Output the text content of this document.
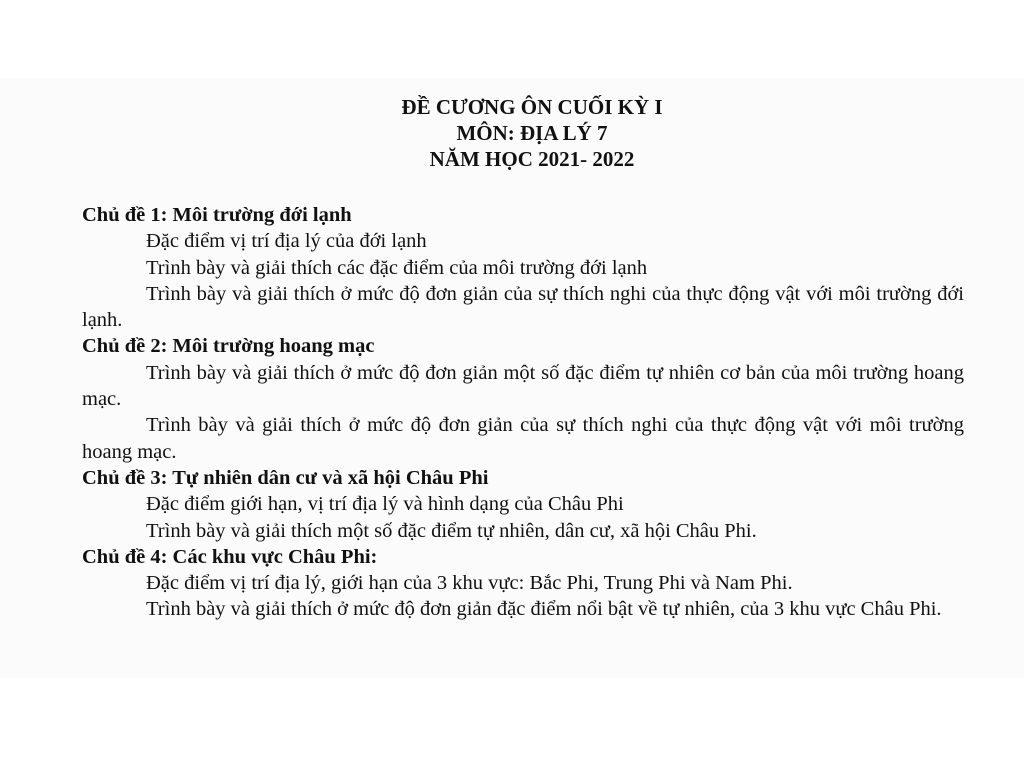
ĐỀ CƯƠNG ÔN CUỐI KỲ I
MÔN: ĐỊA LÝ 7
NĂM HỌC 2021- 2022
Chủ đề 1: Môi trường đới lạnh
Đặc điểm vị trí địa lý của đới lạnh
Trình bày và giải thích các đặc điểm của môi trường đới lạnh
Trình bày và giải thích ở mức độ đơn giản của sự thích nghi của thực động vật với môi trường đới lạnh.
Chủ đề 2: Môi trường hoang mạc
Trình bày và giải thích ở mức độ đơn giản một số đặc điểm tự nhiên cơ bản của môi trường hoang mạc.
Trình bày và giải thích ở mức độ đơn giản của sự thích nghi của thực động vật với môi trường hoang mạc.
Chủ đề 3: Tự nhiên dân cư và xã hội Châu Phi
Đặc điểm giới hạn, vị trí địa lý và hình dạng của Châu Phi
Trình bày và giải thích một số đặc điểm tự nhiên, dân cư, xã hội Châu Phi.
Chủ đề 4: Các khu vực Châu Phi:
Đặc điểm vị trí địa lý, giới hạn của 3 khu vực: Bắc Phi, Trung Phi và Nam Phi.
Trình bày và giải thích ở mức độ đơn giản đặc điểm nổi bật về tự nhiên, của 3 khu vực Châu Phi.
